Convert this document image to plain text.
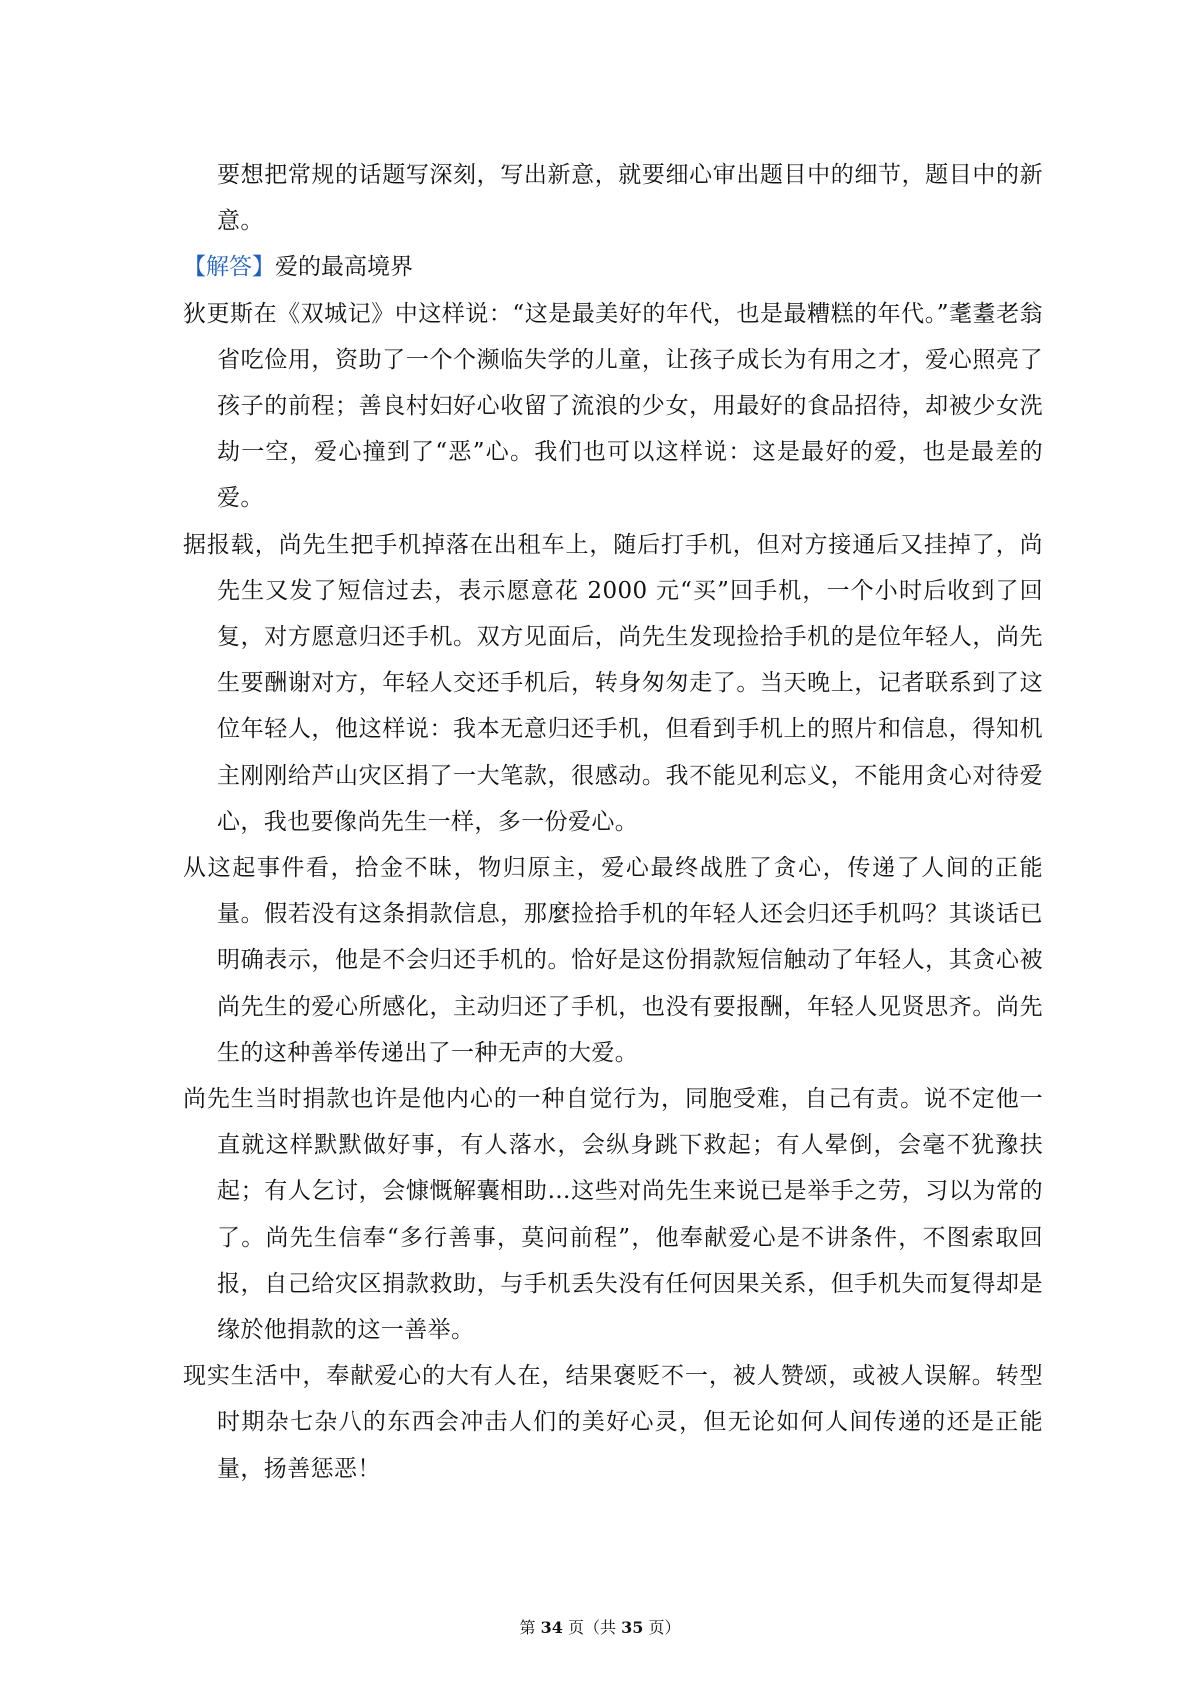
要想把常规的话题写深刻，写出新意，就要细心审出题目中的细节，题目中的新意。

【解答】爱的最高境界

狄更斯在《双城记》中这样说：“这是最美好的年代，也是最糟糕的年代。”耄耋老翁省吃俭用，资助了一个个濒临失学的儿童，让孩子成长为有用之才，爱心照亮了孩子的前程；善良村妇好心收留了流浪的少女，用最好的食品招待，却被少女洗劫一空，爱心撞到了“恶”心。我们也可以这样说：这是最好的爱，也是最差的爱。

据报载，尚先生把手机掉落在出租车上，随后打手机，但对方接通后又挂掉了，尚先生又发了短信过去，表示愿意花 2000 元“买”回手机，一个小时后收到了回复，对方愿意归还手机。双方见面后，尚先生发现捡拾手机的是位年轻人，尚先生要酬谢对方，年轻人交还手机后，转身匆匆走了。当天晚上，记者联系到了这位年轻人，他这样说：我本无意归还手机，但看到手机上的照片和信息，得知机主刚刚给芦山灾区捐了一大笔款，很感动。我不能见利忘义，不能用贪心对待爱心，我也要像尚先生一样，多一份爱心。

从这起事件看，拾金不昧，物归原主，爱心最终战胜了贪心，传递了人间的正能量。假若没有这条捐款信息，那麼捡拾手机的年轻人还会归还手机吗？其谈话已明确表示，他是不会归还手机的。恰好是这份捐款短信触动了年轻人，其贪心被尚先生的爱心所感化，主动归还了手机，也没有要报酬，年轻人见贤思齐。尚先生的这种善举传递出了一种无声的大爱。

尚先生当时捐款也许是他内心的一种自觉行为，同胞受难，自己有责。说不定他一直就这样默默做好事，有人落水，会纵身跳下救起；有人晕倒，会毫不犹豫扶起；有人乞讨，会慷慨解囊相助…这些对尚先生来说已是举手之劳，习以为常的了。尚先生信奉“多行善事，莫问前程”，他奉献爱心是不讲条件，不图索取回报，自己给灾区捐款救助，与手机丢失没有任何因果关系，但手机失而复得却是缘於他捐款的这一善举。

现实生活中，奉献爱心的大有人在，结果褒贬不一，被人赞颂，或被人误解。转型时期杂七杂八的东西会冲击人们的美好心灵，但无论如何人间传递的还是正能量，扬善惩恶！

第 34 页（共 35 页）
